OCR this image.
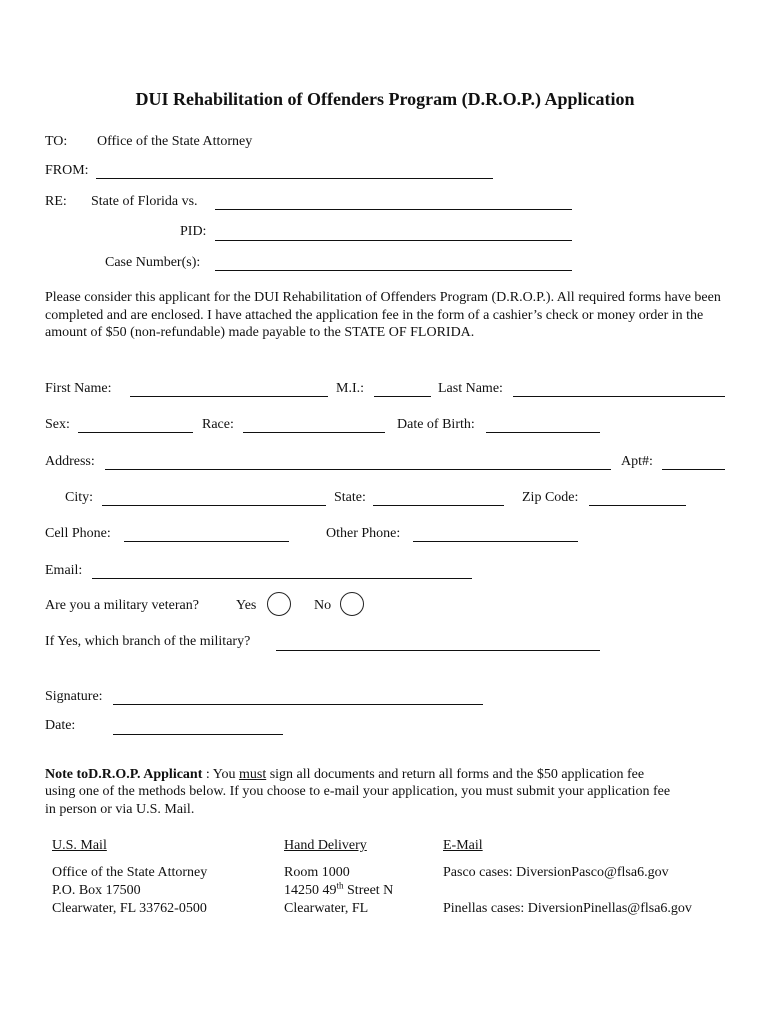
DUI Rehabilitation of Offenders Program (D.R.O.P.) Application
TO: Office of the State Attorney
FROM:
RE: State of Florida vs.
PID:
Case Number(s):
Please consider this applicant for the DUI Rehabilitation of Offenders Program (D.R.O.P.). All required forms have been completed and are enclosed. I have attached the application fee in the form of a cashier’s check or money order in the amount of $50 (non-refundable) made payable to the STATE OF FLORIDA.
First Name:	M.I.:	Last Name:
Sex:	Race:	Date of Birth:
Address:	Apt#:
City:	State:	Zip Code:
Cell Phone:	Other Phone:
Email:
Are you a military veteran?	Yes	No
If Yes, which branch of the military?
Signature:
Date:
Note toD.R.O.P. Applicant : You must sign all documents and return all forms and the $50 application fee
using one of the methods below. If you choose to e-mail your application, you must submit your application fee
in person or via U.S. Mail.
U.S. Mail
Office of the State Attorney
P.O. Box 17500
Clearwater, FL 33762-0500
Hand Delivery
Room 1000
14250 49th Street N
Clearwater, FL
E-Mail
Pasco cases: DiversionPasco@flsa6.gov
Pinellas cases: DiversionPinellas@flsa6.gov
